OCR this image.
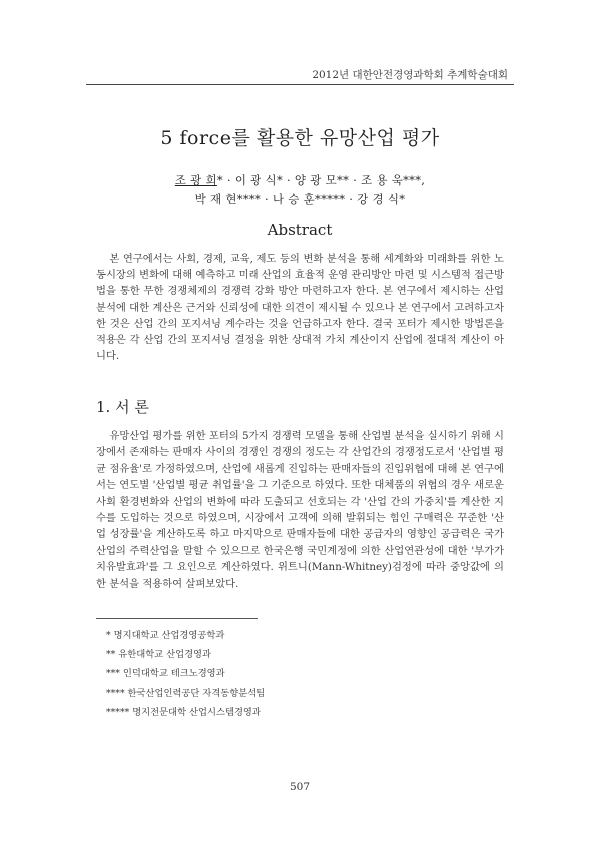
2012년 대한안전경영과학회 추계학술대회
5 force를 활용한 유망산업 평가
조 광 희* · 이 광 식* · 양 광 모** · 조 용 욱***,
박 재 현**** · 나 승 훈***** · 강 경 식*
Abstract
본 연구에서는 사회, 경제, 교육, 제도 등의 변화 분석을 통해 세계화와 미래화를 위한 노동시장의 변화에 대해 예측하고 미래 산업의 효율적 운영 관리방안 마련 및 시스템적 접근방법을 통한 무한 경쟁체제의 경쟁력 강화 방안 마련하고자 한다. 본 연구에서 제시하는 산업분석에 대한 계산은 근거와 신뢰성에 대한 의견이 제시될 수 있으나 본 연구에서 고려하고자 한 것은 산업 간의 포지셔닝 계수라는 것을 언급하고자 한다. 결국 포터가 제시한 방법론을 적용은 각 산업 간의 포지셔닝 결정을 위한 상대적 가치 계산이지 산업에 절대적 계산이 아니다.
1. 서 론
유망산업 평가를 위한 포터의 5가지 경쟁력 모델을 통해 산업별 분석을 실시하기 위해 시장에서 존재하는 판매자 사이의 경쟁인 경쟁의 정도는 각 산업간의 경쟁정도로서 '산업별 평균 점유율'로 가정하였으며, 산업에 새롭게 진입하는 판매자들의 진입위협에 대해 본 연구에서는 연도별 '산업별 평균 취업률'을 그 기준으로 하였다. 또한 대체품의 위협의 경우 새로운 사회 환경변화와 산업의 변화에 따라 도출되고 선호되는 각 '산업 간의 가중치'를 계산한 지수를 도입하는 것으로 하였으며, 시장에서 고객에 의해 발휘되는 힘인 구매력은 꾸준한 '산업 성장률'을 계산하도록 하고 마지막으로 판매자들에 대한 공급자의 영향인 공급력은 국가산업의 주력산업을 말할 수 있으므로 한국은행 국민계정에 의한 산업연관성에 대한 '부가가치유발효과'를 그 요인으로 계산하였다. 위트니(Mann-Whitney)검정에 따라 중앙값에 의한 분석을 적용하여 살펴보았다.
* 명지대학교 산업경영공학과
** 유한대학교 산업경영과
*** 인덕대학교 테크노경영과
**** 한국산업인력공단 자격동향분석팀
***** 명지전문대학 산업시스템경영과
507
